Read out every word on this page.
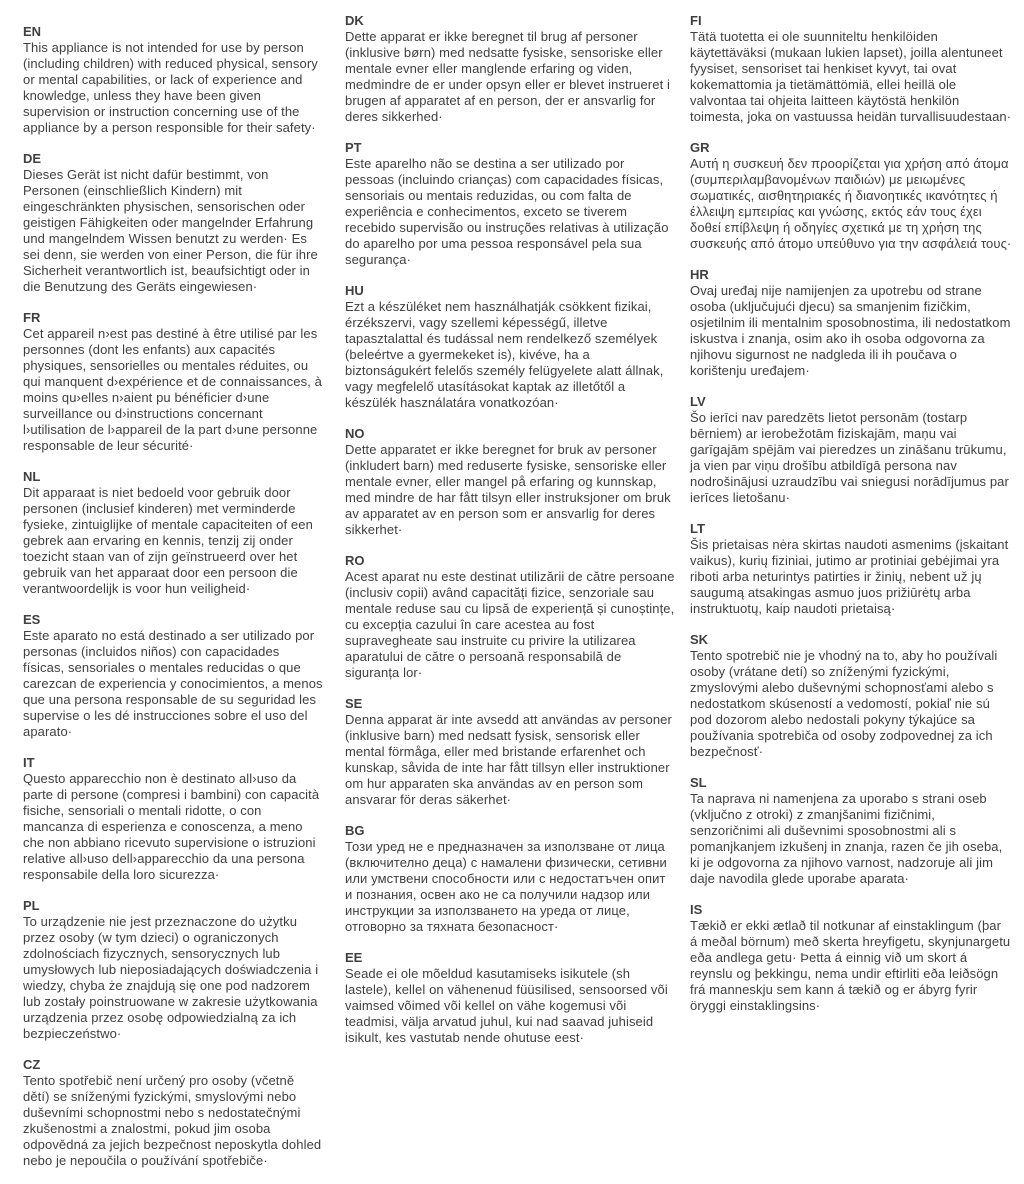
EN

This appliance is not intended for use by person (including children) with reduced physical, sensory or mental capabilities, or lack of experience and knowledge, unless they have been given supervision or instruction concerning use of the appliance by a person responsible for their safety·

DE

Dieses Gerät ist nicht dafür bestimmt, von Personen (einschließlich Kindern) mit eingeschränkten physischen, sensorischen oder geistigen Fähigkeiten oder mangelnder Erfahrung und mangelndem Wissen benutzt zu werden· Es sei denn, sie werden von einer Person, die für ihre Sicherheit verantwortlich ist, beaufsichtigt oder in die Benutzung des Geräts eingewiesen·

FR

Cet appareil n›est pas destiné à être utilisé par les personnes (dont les enfants) aux capacités physiques, sensorielles ou mentales réduites, ou qui manquent d›expérience et de connaissances, à moins qu›elles n›aient pu bénéficier d›une surveillance ou d›instructions concernant l›utilisation de l›appareil de la part d›une personne responsable de leur sécurité·

NL

Dit apparaat is niet bedoeld voor gebruik door personen (inclusief kinderen) met verminderde fysieke, zintuiglijke of mentale capaciteiten of een gebrek aan ervaring en kennis, tenzij zij onder toezicht staan van of zijn geïnstrueerd over het gebruik van het apparaat door een persoon die verantwoordelijk is voor hun veiligheid·

ES

Este aparato no está destinado a ser utilizado por personas (incluidos niños) con capacidades físicas, sensoriales o mentales reducidas o que carezcan de experiencia y conocimientos, a menos que una persona responsable de su seguridad les supervise o les dé instrucciones sobre el uso del aparato·

IT

Questo apparecchio non è destinato all›uso da parte di persone (compresi i bambini) con capacità fisiche, sensoriali o mentali ridotte, o con mancanza di esperienza e conoscenza, a meno che non abbiano ricevuto supervisione o istruzioni relative all›uso dell›apparecchio da una persona responsabile della loro sicurezza·

PL

To urządzenie nie jest przeznaczone do użytku przez osoby (w tym dzieci) o ograniczonych zdolnościach fizycznych, sensorycznych lub umysłowych lub nieposiadających doświadczenia i wiedzy, chyba że znajdują się one pod nadzorem lub zostały poinstruowane w zakresie użytkowania urządzenia przez osobę odpowiedzialną za ich bezpieczeństwo·

CZ

Tento spotřebič není určený pro osoby (včetně dětí) se sníženými fyzickými, smyslovými nebo duševními schopnostmi nebo s nedostatečnými zkušenostmi a znalostmi, pokud jim osoba odpovědná za jejich bezpečnost neposkytla dohled nebo je nepoučila o používání spotřebiče·

DK

Dette apparat er ikke beregnet til brug af personer (inklusive børn) med nedsatte fysiske, sensoriske eller mentale evner eller manglende erfaring og viden, medmindre de er under opsyn eller er blevet instrueret i brugen af apparatet af en person, der er ansvarlig for deres sikkerhed·

PT

Este aparelho não se destina a ser utilizado por pessoas (incluindo crianças) com capacidades físicas, sensoriais ou mentais reduzidas, ou com falta de experiência e conhecimentos, exceto se tiverem recebido supervisão ou instruções relativas à utilização do aparelho por uma pessoa responsável pela sua segurança·

HU

Ezt a készüléket nem használhatják csökkent fizikai, érzékszervi, vagy szellemi képességű, illetve tapasztalattal és tudással nem rendelkező személyek (beleértve a gyermekeket is), kivéve, ha a biztonságukért felelős személy felügyelete alatt állnak, vagy megfelelő utasításokat kaptak az illetőtől a készülék használatára vonatkozóan·

NO

Dette apparatet er ikke beregnet for bruk av personer (inkludert barn) med reduserte fysiske, sensoriske eller mentale evner, eller mangel på erfaring og kunnskap, med mindre de har fått tilsyn eller instruksjoner om bruk av apparatet av en person som er ansvarlig for deres sikkerhet·

RO

Acest aparat nu este destinat utilizării de către persoane (inclusiv copii) având capacități fizice, senzoriale sau mentale reduse sau cu lipsă de experiență și cunoștințe, cu excepția cazului în care acestea au fost supravegheate sau instruite cu privire la utilizarea aparatului de către o persoană responsabilă de siguranța lor·

SE

Denna apparat är inte avsedd att användas av personer (inklusive barn) med nedsatt fysisk, sensorisk eller mental förmåga, eller med bristande erfarenhet och kunskap, såvida de inte har fått tillsyn eller instruktioner om hur apparaten ska användas av en person som ansvarar för deras säkerhet·

BG

Този уред не е предназначен за използване от лица (включително деца) с намалени физически, сетивни или умствени способности или с недостатъчен опит и познания, освен ако не са получили надзор или инструкции за използването на уреда от лице, отговорно за тяхната безопасност·

EE

Seade ei ole mõeldud kasutamiseks isikutele (sh lastele), kellel on vähenenud füüsilised, sensoorsed või vaimsed võimed või kellel on vähe kogemusi või teadmisi, välja arvatud juhul, kui nad saavad juhiseid isikult, kes vastutab nende ohutuse eest·

FI

Tätä tuotetta ei ole suunniteltu henkilöiden käytettäväksi (mukaan lukien lapset), joilla alentuneet fyysiset, sensoriset tai henkiset kyvyt, tai ovat kokemattomia ja tietämättömiä, ellei heillä ole valvontaa tai ohjeita laitteen käytöstä henkilön toimesta, joka on vastuussa heidän turvallisuudestaan·

GR

Αυτή η συσκευή δεν προορίζεται για χρήση από άτομα (συμπεριλαμβανομένων παιδιών) με μειωμένες σωματικές, αισθητηριακές ή διανοητικές ικανότητες ή έλλειψη εμπειρίας και γνώσης, εκτός εάν τους έχει δοθεί επίβλεψη ή οδηγίες σχετικά με τη χρήση της συσκευής από άτομο υπεύθυνο για την ασφάλειά τους·

HR

Ovaj uređaj nije namijenjen za upotrebu od strane osoba (uključujući djecu) sa smanjenim fizičkim, osjetilnim ili mentalnim sposobnostima, ili nedostatkom iskustva i znanja, osim ako ih osoba odgovorna za njihovu sigurnost ne nadgleda ili ih poučava o korištenju uređajem·

LV

Šo ierīci nav paredzēts lietot personām (tostarp bērniem) ar ierobežotām fiziskajām, maņu vai garīgajām spējām vai pieredzes un zināšanu trūkumu, ja vien par viņu drošību atbildīgā persona nav nodrošinājusi uzraudzību vai sniegusi norādījumus par ierīces lietošanu·

LT

Šis prietaisas nėra skirtas naudoti asmenims (įskaitant vaikus), kurių fiziniai, jutimo ar protiniai gebėjimai yra riboti arba neturintys patirties ir žinių, nebent už jų saugumą atsakingas asmuo juos prižiūrėtų arba instruktuotų, kaip naudoti prietaisą·

SK

Tento spotrebič nie je vhodný na to, aby ho používali osoby (vrátane detí) so zníženými fyzickými, zmyslovými alebo duševnými schopnosťami alebo s nedostatkom skúseností a vedomostí, pokiaľ nie sú pod dozorom alebo nedostali pokyny týkajúce sa používania spotrebiča od osoby zodpovednej za ich bezpečnosť·

SL

Ta naprava ni namenjena za uporabo s strani oseb (vključno z otroki) z zmanjšanimi fizičnimi, senzoričnimi ali duševnimi sposobnostmi ali s pomanjkanjem izkušenj in znanja, razen če jih oseba, ki je odgovorna za njihovo varnost, nadzoruje ali jim daje navodila glede uporabe aparata·

IS

Tækið er ekki ætlað til notkunar af einstaklingum (þar á meðal börnum) með skerta hreyfigetu, skynjunargetu eða andlega getu· Þetta á einnig við um skort á reynslu og þekkingu, nema undir eftirliti eða leiðsögn frá manneskju sem kann á tækið og er ábyrg fyrir öryggi einstaklingsins·
